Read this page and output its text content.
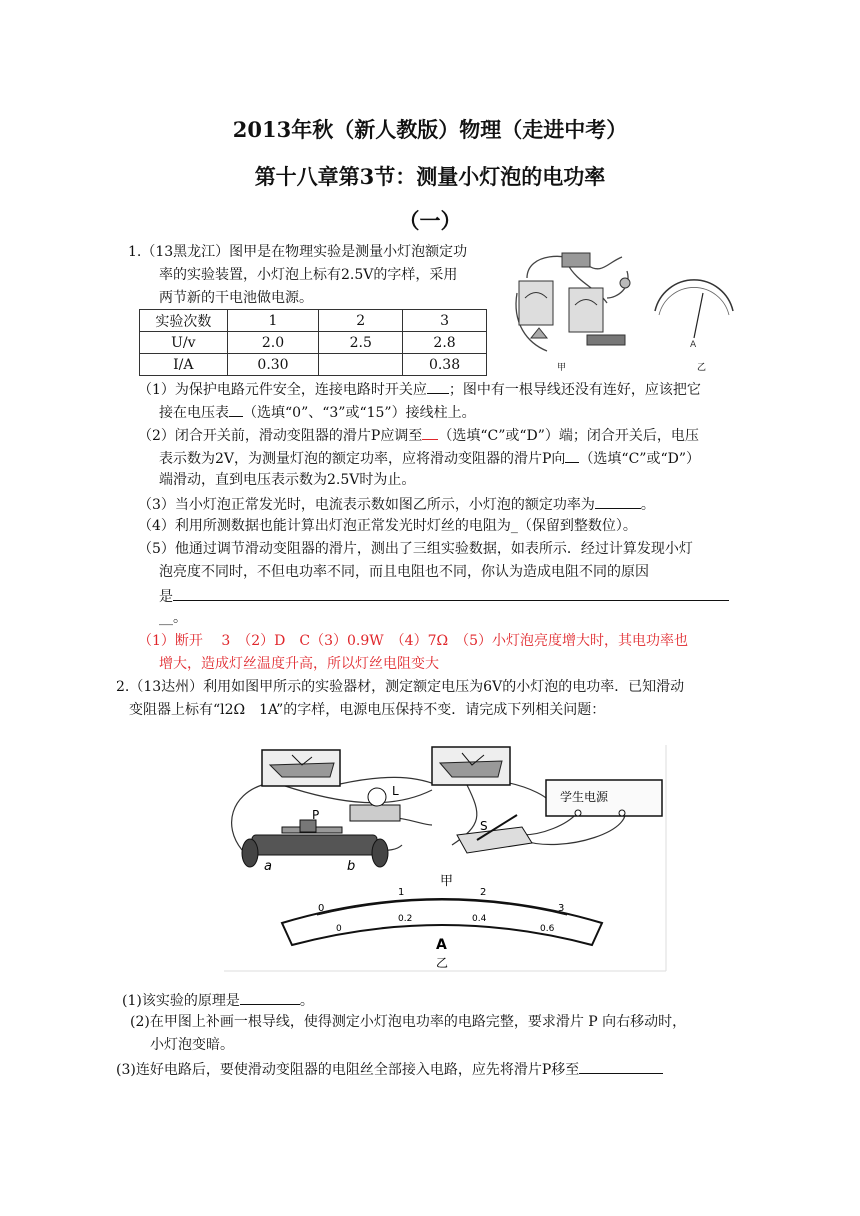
2013年秋（新人教版）物理（走进中考）
第十八章第3节：测量小灯泡的电功率
（一）
1.（13黑龙江）图甲是在物理实验是测量小灯泡额定功
率的实验装置，小灯泡上标有2.5V的字样，采用
两节新的干电池做电源。
实验次数	1	2	3
U/v	2.0	2.5	2.8
I/A	0.30		0.38	甲
A
乙
（1）为保护电路元件安全，连接电路时开关应 ；图中有一根导线还没有连好，应该把它
接在电压表 （选填“0”、“3”或“15”）接线柱上。
（2）闭合开关前，滑动变阻器的滑片P应调至 （选填“C”或“D”）端；闭合开关后，电压
表示数为2V，为测量灯泡的额定功率，应将滑动变阻器的滑片P向 （选填“C”或“D”）
端滑动，直到电压表示数为2.5V时为止。
（3）当小灯泡正常发光时，电流表示数如图乙所示，小灯泡的额定功率为	。
（4）利用所测数据也能计算出灯泡正常发光时灯丝的电阻为_（保留到整数位）。
（5）他通过调节滑动变阻器的滑片，测出了三组实验数据，如表所示．经过计算发现小灯
泡亮度不同时，不但电功率不同，而且电阻也不同，你认为造成电阻不同的原因
是
__。
（1）断开　 3　（2）D　C（3）0.9W　（4）7Ω　（5）小灯泡亮度增大时，其电功率也
增大，造成灯丝温度升高，所以灯丝电阻变大
2.（13达州）利用如图甲所示的实验器材，测定额定电压为6V的小灯泡的电功率．已知滑动
变阻器上标有“l2Ω　1A”的字样，电源电压保持不变．请完成下列相关问题：
学生电源
L
P
a	b
S
甲
0
1	2
3
0
0.2	0.4
0.6
A
乙
(1)该实验的原理是	。
(2)在甲图上补画一根导线，使得测定小灯泡电功率的电路完整，要求滑片 P 向右移动时，
小灯泡变暗。
(3)连好电路后，要使滑动变阻器的电阻丝全部接入电路，应先将滑片P移至
